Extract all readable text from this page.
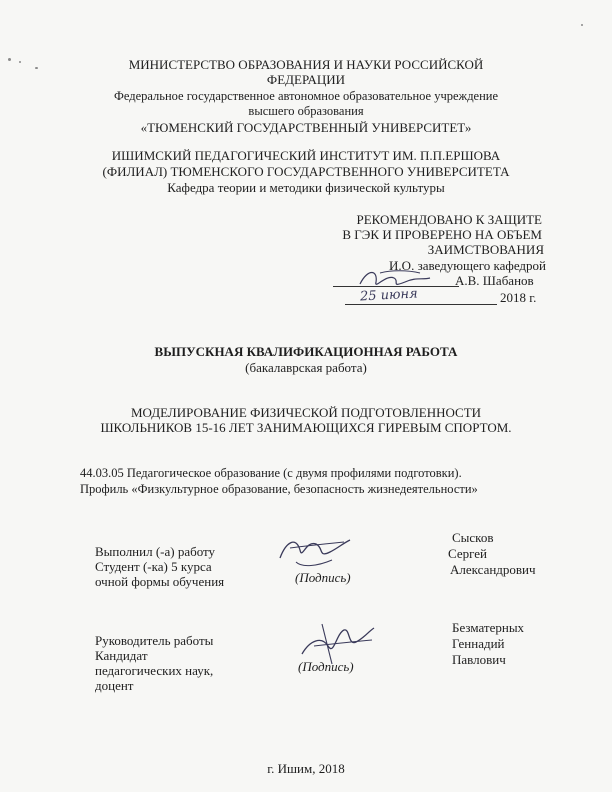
МИНИСТЕРСТВО ОБРАЗОВАНИЯ И НАУКИ РОССИЙСКОЙ

ФЕДЕРАЦИИ

Федеральное государственное автономное образовательное учреждение

высшего образования

«ТЮМЕНСКИЙ ГОСУДАРСТВЕННЫЙ УНИВЕРСИТЕТ»

ИШИМСКИЙ ПЕДАГОГИЧЕСКИЙ ИНСТИТУТ ИМ. П.П.ЕРШОВА

(ФИЛИАЛ) ТЮМЕНСКОГО ГОСУДАРСТВЕННОГО УНИВЕРСИТЕТА

Кафедра теории и методики физической культуры

РЕКОМЕНДОВАНО К ЗАЩИТЕ

В ГЭК И ПРОВЕРЕНО НА ОБЪЕМ

ЗАИМСТВОВАНИЯ

И.О. заведующего кафедрой

А.В. Шабанов

25 июня	2018 г.

ВЫПУСКНАЯ КВАЛИФИКАЦИОННАЯ РАБОТА

(бакалаврская работа)

МОДЕЛИРОВАНИЕ ФИЗИЧЕСКОЙ ПОДГОТОВЛЕННОСТИ

ШКОЛЬНИКОВ 15-16 ЛЕТ ЗАНИМАЮЩИХСЯ ГИРЕВЫМ СПОРТОМ.

44.03.05 Педагогическое образование (с двумя профилями подготовки).

Профиль «Физкультурное образование, безопасность жизнедеятельности»

Выполнил (-а) работу

Студент (-ка) 5 курса

очной формы обучения	(Подпись)

Сысков

Сергей

Александрович

Руководитель работы

Кандидат

педагогических наук,

доцент

(Подпись)

Безматерных

Геннадий

Павлович

г. Ишим, 2018
